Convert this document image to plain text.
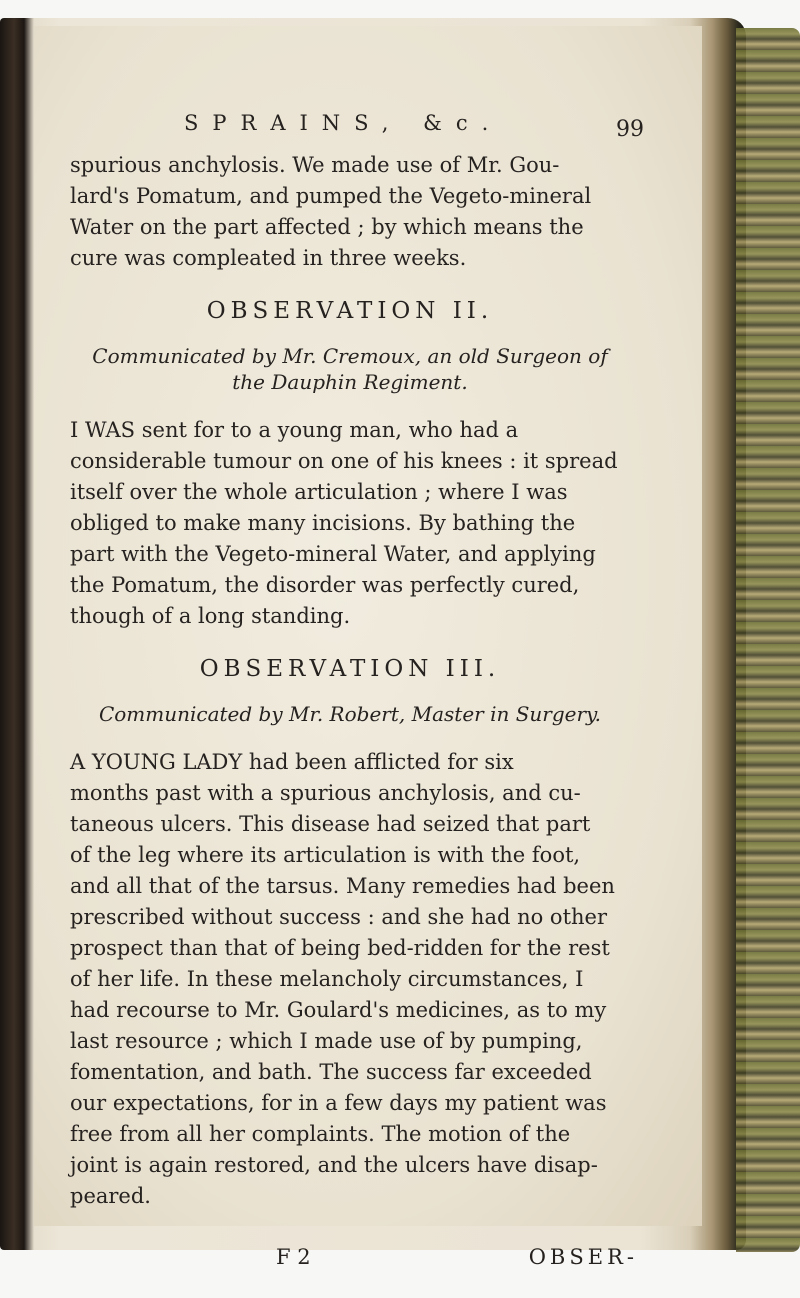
SPRAINS, &c.	99
spurious anchylosis. We made use of Mr. Gou-
lard's Pomatum, and pumped the Vegeto-mineral
Water on the part affected ; by which means the
cure was compleated in three weeks.
OBSERVATION II.
Communicated by Mr. Cremoux, an old Surgeon of
the Dauphin Regiment.
I WAS sent for to a young man, who had a
considerable tumour on one of his knees : it spread
itself over the whole articulation ; where I was
obliged to make many incisions. By bathing the
part with the Vegeto-mineral Water, and applying
the Pomatum, the disorder was perfectly cured,
though of a long standing.
OBSERVATION III.
Communicated by Mr. Robert, Master in Surgery.
A YOUNG LADY had been afflicted for six
months past with a spurious anchylosis, and cu-
taneous ulcers. This disease had seized that part
of the leg where its articulation is with the foot,
and all that of the tarsus. Many remedies had been
prescribed without success : and she had no other
prospect than that of being bed-ridden for the rest
of her life. In these melancholy circumstances, I
had recourse to Mr. Goulard's medicines, as to my
last resource ; which I made use of by pumping,
fomentation, and bath. The success far exceeded
our expectations, for in a few days my patient was
free from all her complaints. The motion of the
joint is again restored, and the ulcers have disap-
peared.
F 2	OBSER-
